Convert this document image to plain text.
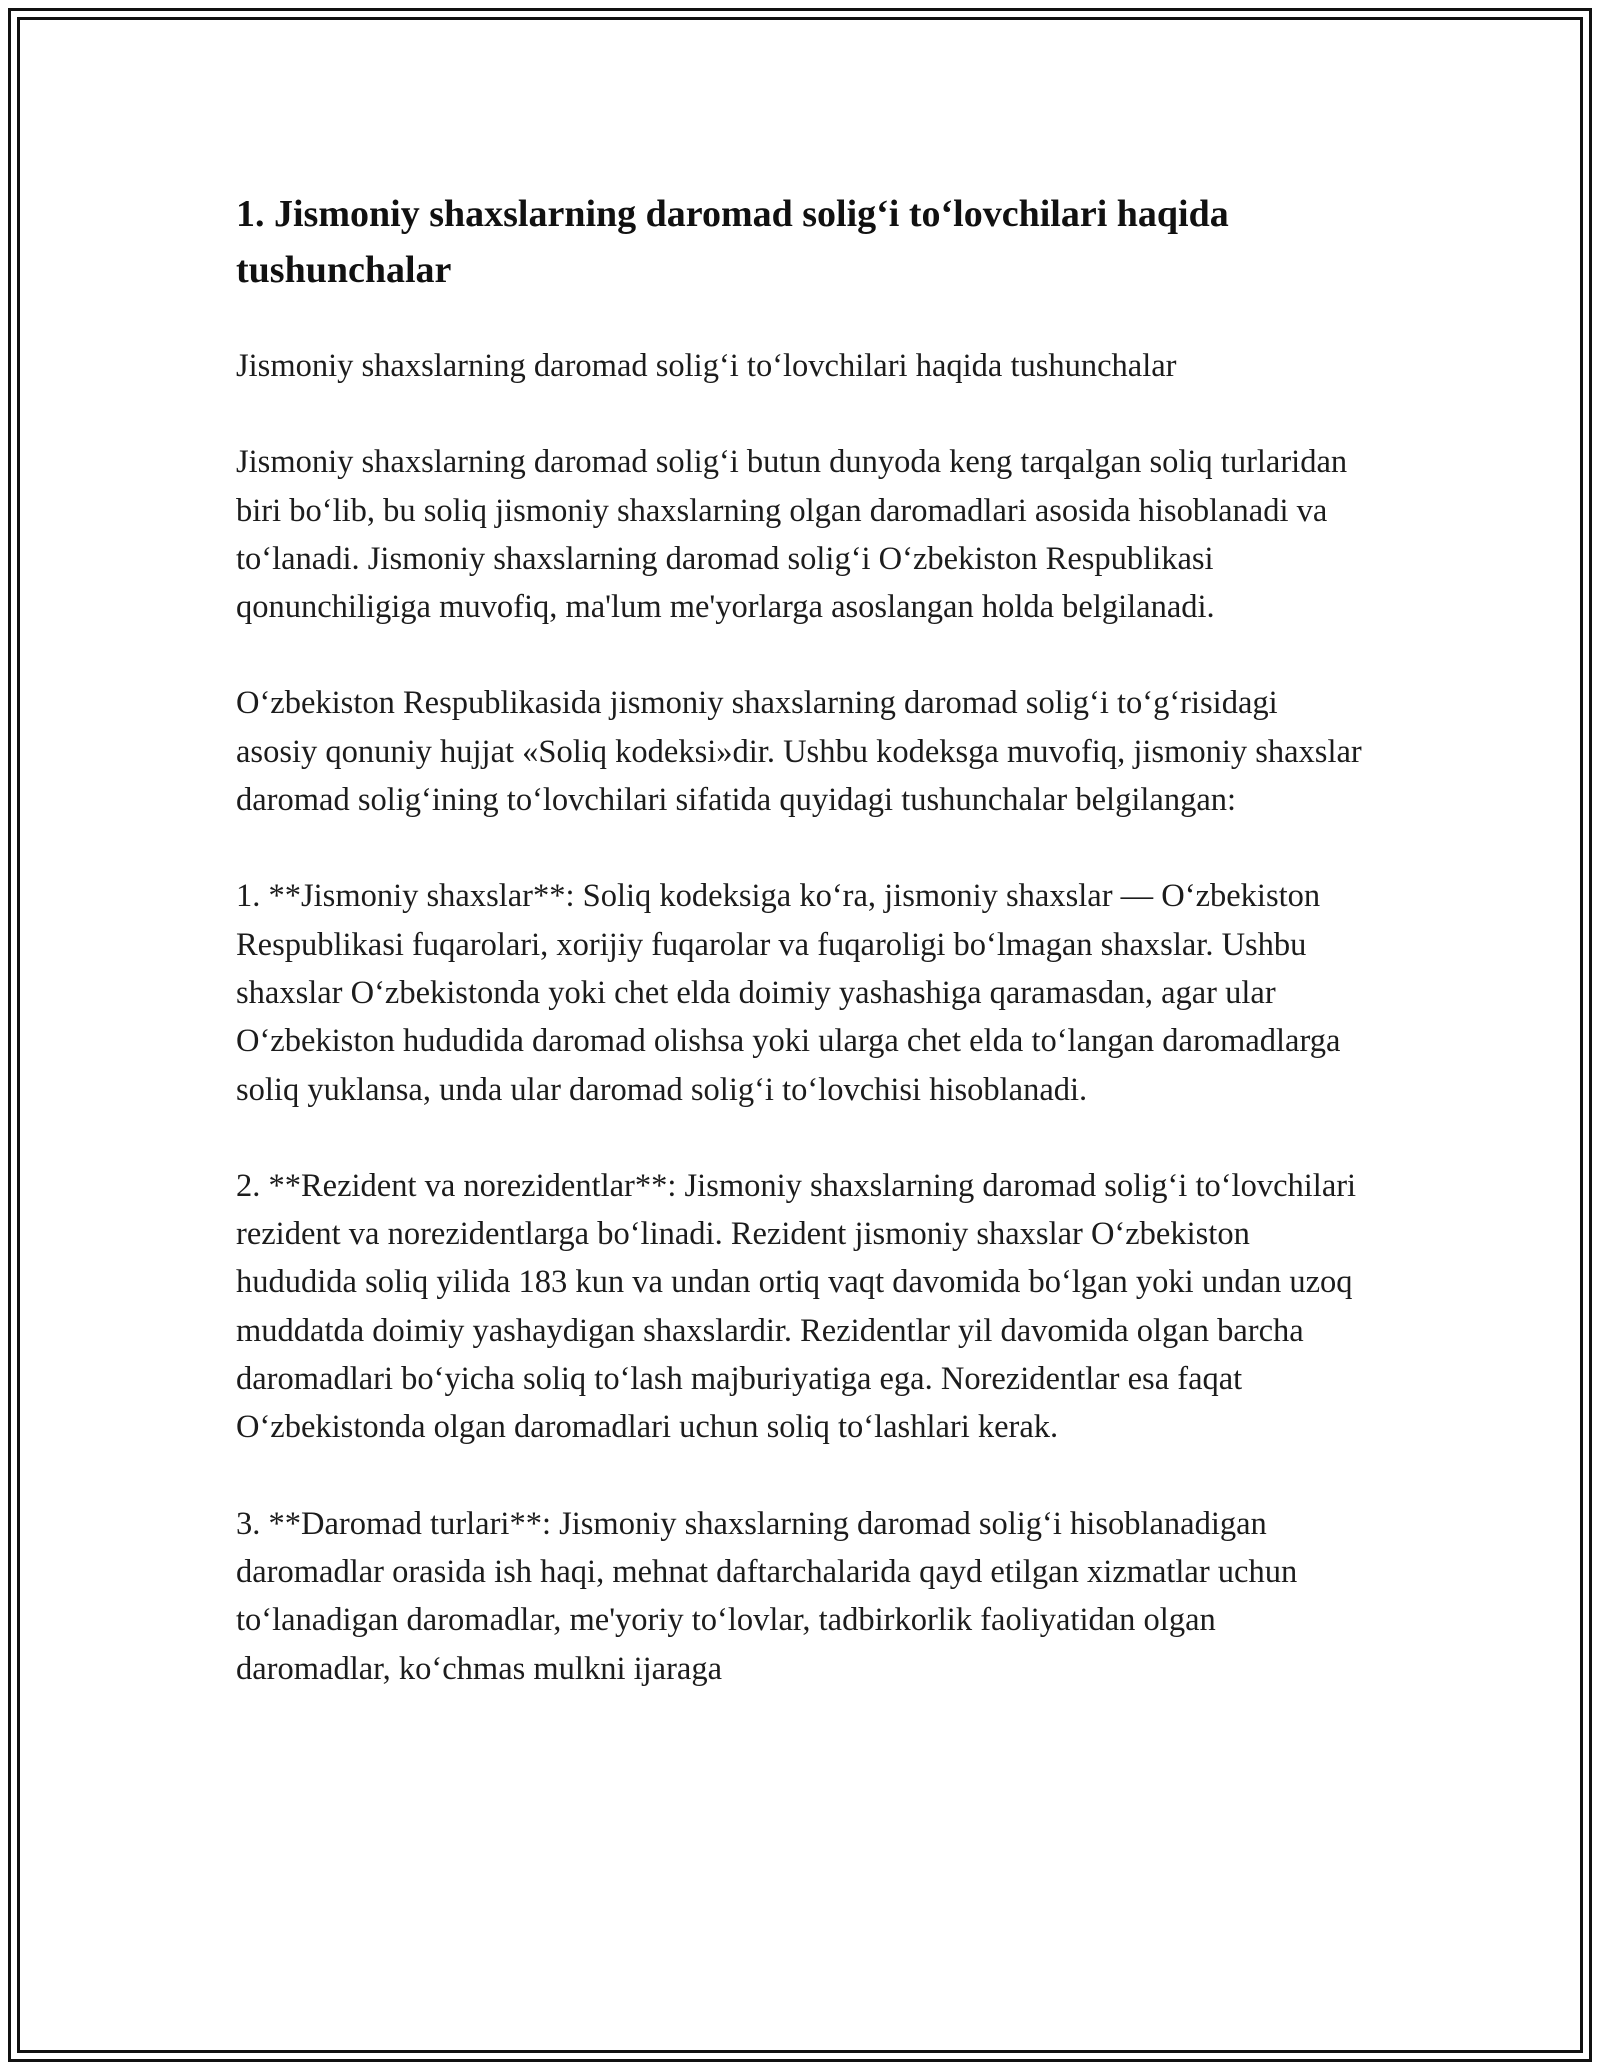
1. Jismoniy shaxslarning daromad solig‘i to‘lovchilari haqida tushunchalar

Jismoniy shaxslarning daromad solig‘i to‘lovchilari haqida tushunchalar

Jismoniy shaxslarning daromad solig‘i butun dunyoda keng tarqalgan soliq turlaridan biri bo‘lib, bu soliq jismoniy shaxslarning olgan daromadlari asosida hisoblanadi va to‘lanadi. Jismoniy shaxslarning daromad solig‘i O‘zbekiston Respublikasi qonunchiligiga muvofiq, ma'lum me'yorlarga asoslangan holda belgilanadi.

O‘zbekiston Respublikasida jismoniy shaxslarning daromad solig‘i to‘g‘risidagi asosiy qonuniy hujjat «Soliq kodeksi»dir. Ushbu kodeksga muvofiq, jismoniy shaxslar daromad solig‘ining to‘lovchilari sifatida quyidagi tushunchalar belgilangan:

1. **Jismoniy shaxslar**: Soliq kodeksiga ko‘ra, jismoniy shaxslar — O‘zbekiston Respublikasi fuqarolari, xorijiy fuqarolar va fuqaroligi bo‘lmagan shaxslar. Ushbu shaxslar O‘zbekistonda yoki chet elda doimiy yashashiga qaramasdan, agar ular O‘zbekiston hududida daromad olishsa yoki ularga chet elda to‘langan daromadlarga soliq yuklansa, unda ular daromad solig‘i to‘lovchisi hisoblanadi.

2. **Rezident va norezidentlar**: Jismoniy shaxslarning daromad solig‘i to‘lovchilari rezident va norezidentlarga bo‘linadi. Rezident jismoniy shaxslar O‘zbekiston hududida soliq yilida 183 kun va undan ortiq vaqt davomida bo‘lgan yoki undan uzoq muddatda doimiy yashaydigan shaxslardir. Rezidentlar yil davomida olgan barcha daromadlari bo‘yicha soliq to‘lash majburiyatiga ega. Norezidentlar esa faqat O‘zbekistonda olgan daromadlari uchun soliq to‘lashlari kerak.

3. **Daromad turlari**: Jismoniy shaxslarning daromad solig‘i hisoblanadigan daromadlar orasida ish haqi, mehnat daftarchalarida qayd etilgan xizmatlar uchun to‘lanadigan daromadlar, me'yoriy to‘lovlar, tadbirkorlik faoliyatidan olgan daromadlar, ko‘chmas mulkni ijaraga
